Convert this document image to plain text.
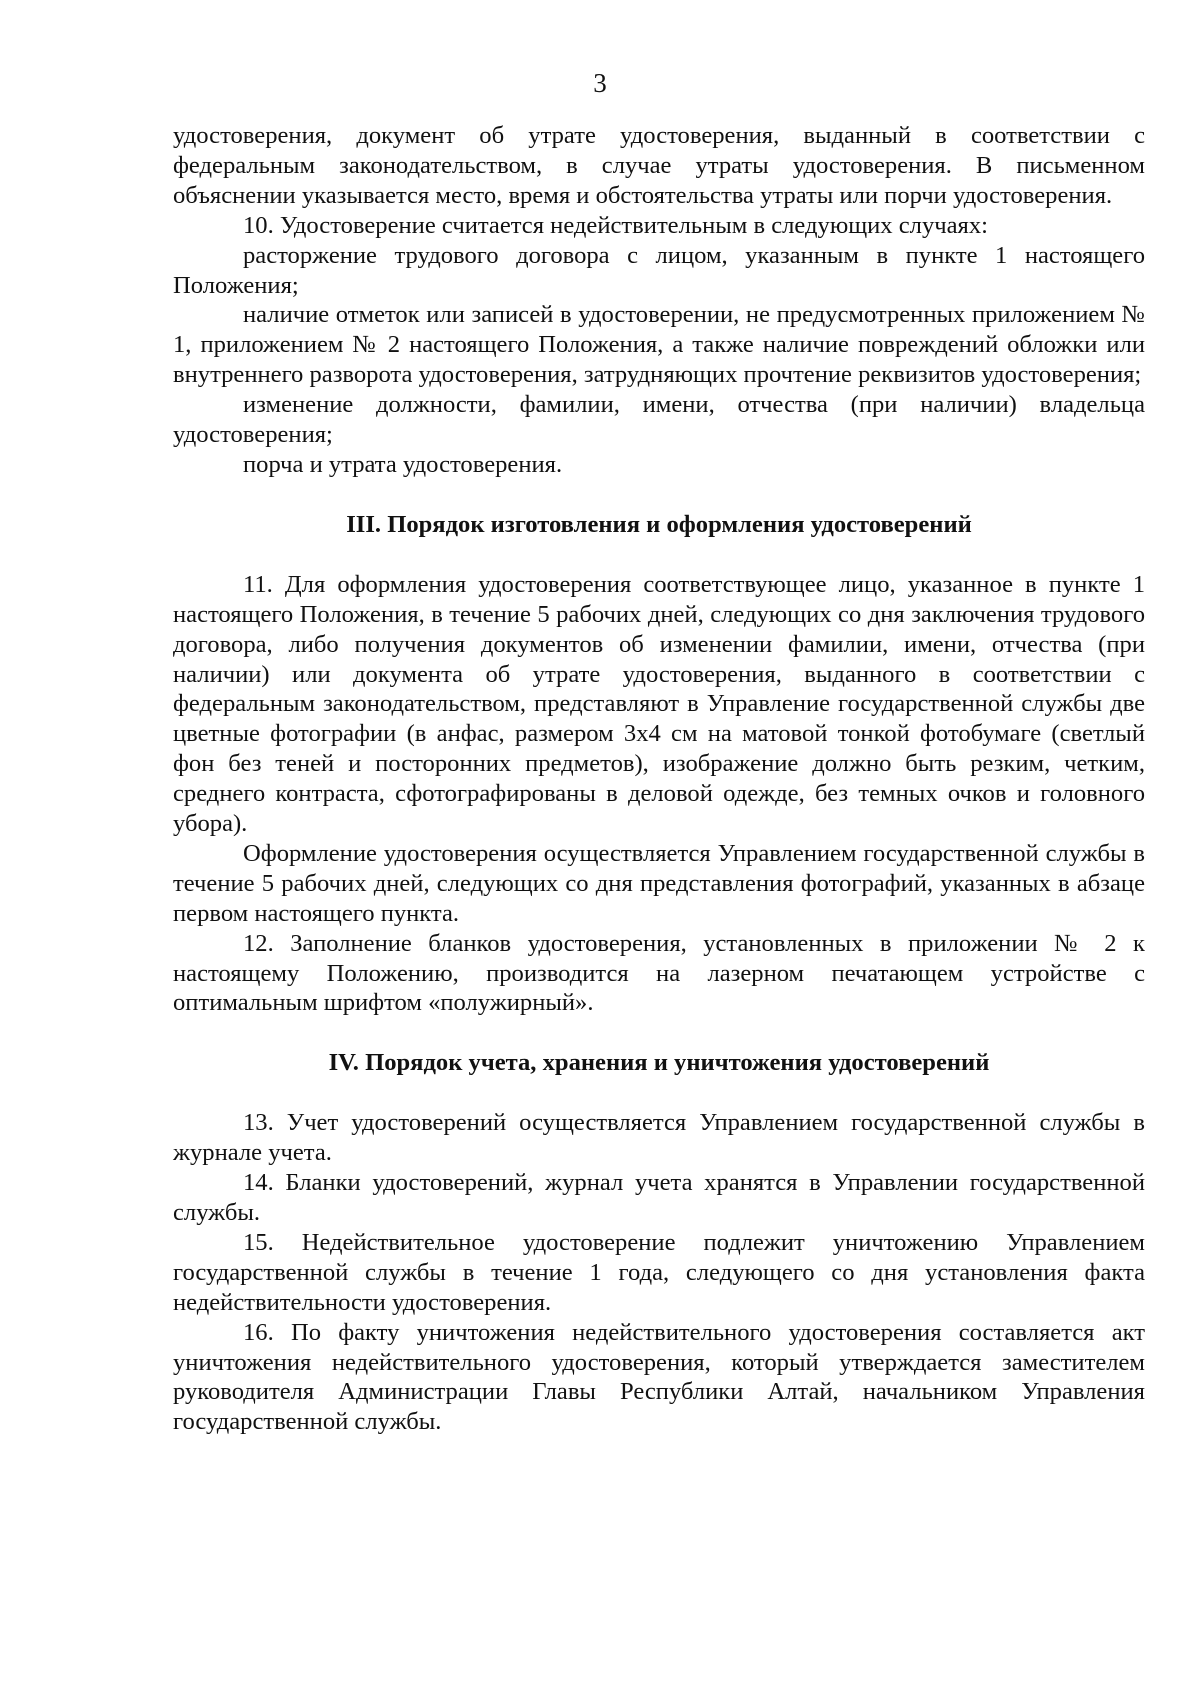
3

удостоверения, документ об утрате удостоверения, выданный в соответствии с федеральным законодательством, в случае утраты удостоверения. В письменном объяснении указывается место, время и обстоятельства утраты или порчи удостоверения.

10. Удостоверение считается недействительным в следующих случаях:

расторжение трудового договора с лицом, указанным в пункте 1 настоящего Положения;

наличие отметок или записей в удостоверении, не предусмотренных приложением № 1, приложением № 2 настоящего Положения, а также наличие повреждений обложки или внутреннего разворота удостоверения, затрудняющих прочтение реквизитов удостоверения;

изменение должности, фамилии, имени, отчества (при наличии) владельца удостоверения;

порча и утрата удостоверения.

III. Порядок изготовления и оформления удостоверений

11. Для оформления удостоверения соответствующее лицо, указанное в пункте 1 настоящего Положения, в течение 5 рабочих дней, следующих со дня заключения трудового договора, либо получения документов об изменении фамилии, имени, отчества (при наличии) или документа об утрате удостоверения, выданного в соответствии с федеральным законодательством, представляют в Управление государственной службы две цветные фотографии (в анфас, размером 3х4 см на матовой тонкой фотобумаге (светлый фон без теней и посторонних предметов), изображение должно быть резким, четким, среднего контраста, сфотографированы в деловой одежде, без темных очков и головного убора).

Оформление удостоверения осуществляется Управлением государственной службы в течение 5 рабочих дней, следующих со дня представления фотографий, указанных в абзаце первом настоящего пункта.

12. Заполнение бланков удостоверения, установленных в приложении № 2 к настоящему Положению, производится на лазерном печатающем устройстве с оптимальным шрифтом «полужирный».

IV. Порядок учета, хранения и уничтожения удостоверений

13. Учет удостоверений осуществляется Управлением государственной службы в журнале учета.

14. Бланки удостоверений, журнал учета хранятся в Управлении государственной службы.

15. Недействительное удостоверение подлежит уничтожению Управлением государственной службы в течение 1 года, следующего со дня установления факта недействительности удостоверения.

16. По факту уничтожения недействительного удостоверения составляется акт уничтожения недействительного удостоверения, который утверждается заместителем руководителя Администрации Главы Республики Алтай, начальником Управления государственной службы.
